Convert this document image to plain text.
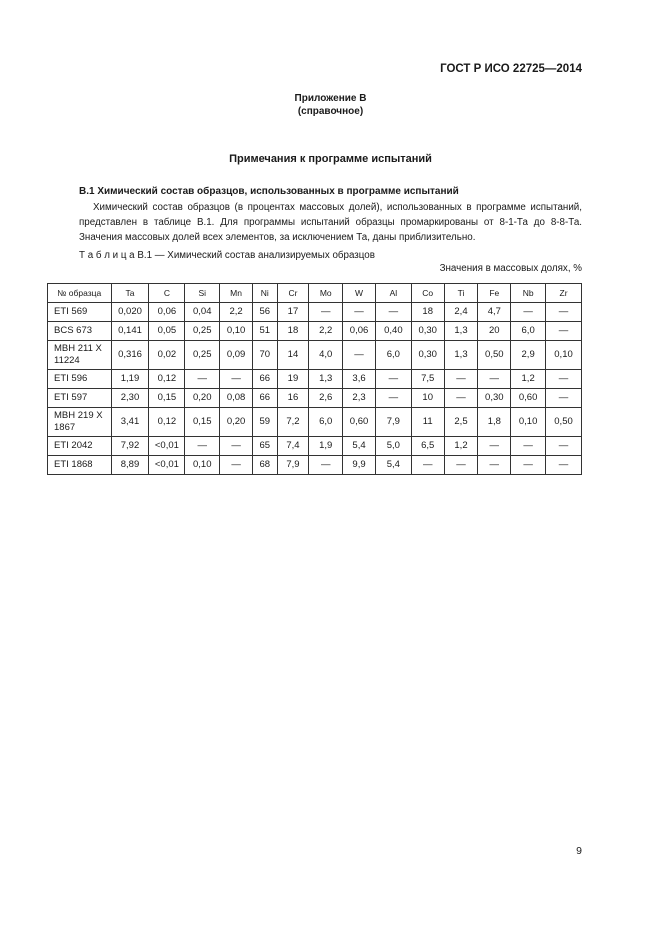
ГОСТ Р ИСО 22725—2014
Приложение В
(справочное)
Примечания к программе испытаний
В.1 Химический состав образцов, использованных в программе испытаний

Химический состав образцов (в процентах массовых долей), использованных в программе испытаний, представлен в таблице В.1. Для программы испытаний образцы промаркированы от 8-1-Та до 8-8-Та. Значения массовых долей всех элементов, за исключением Та, даны приблизительно.

Т а б л и ц а В.1 — Химический состав анализируемых образцов
Значения в массовых долях, %
№ образца	Ta	C	Si	Mn	Ni	Cr	Mo	W	Al	Co	Ti	Fe	Nb	Zr
ETI 569	0,020	0,06	0,04	2,2	56	17	—	—	—	18	2,4	4,7	—	—
BCS 673	0,141	0,05	0,25	0,10	51	18	2,2	0,06	0,40	0,30	1,3	20	6,0	—
MBH 211 X 11224	0,316	0,02	0,25	0,09	70	14	4,0	—	6,0	0,30	1,3	0,50	2,9	0,10
ETI 596	1,19	0,12	—	—	66	19	1,3	3,6	—	7,5	—	—	1,2	—
ETI 597	2,30	0,15	0,20	0,08	66	16	2,6	2,3	—	10	—	0,30	0,60	—
MBH 219 X 1867	3,41	0,12	0,15	0,20	59	7,2	6,0	0,60	7,9	11	2,5	1,8	0,10	0,50
ETI 2042	7,92	<0,01	—	—	65	7,4	1,9	5,4	5,0	6,5	1,2	—	—	—
ETI 1868	8,89	<0,01	0,10	—	68	7,9	—	9,9	5,4	—	—	—	—	—
9
